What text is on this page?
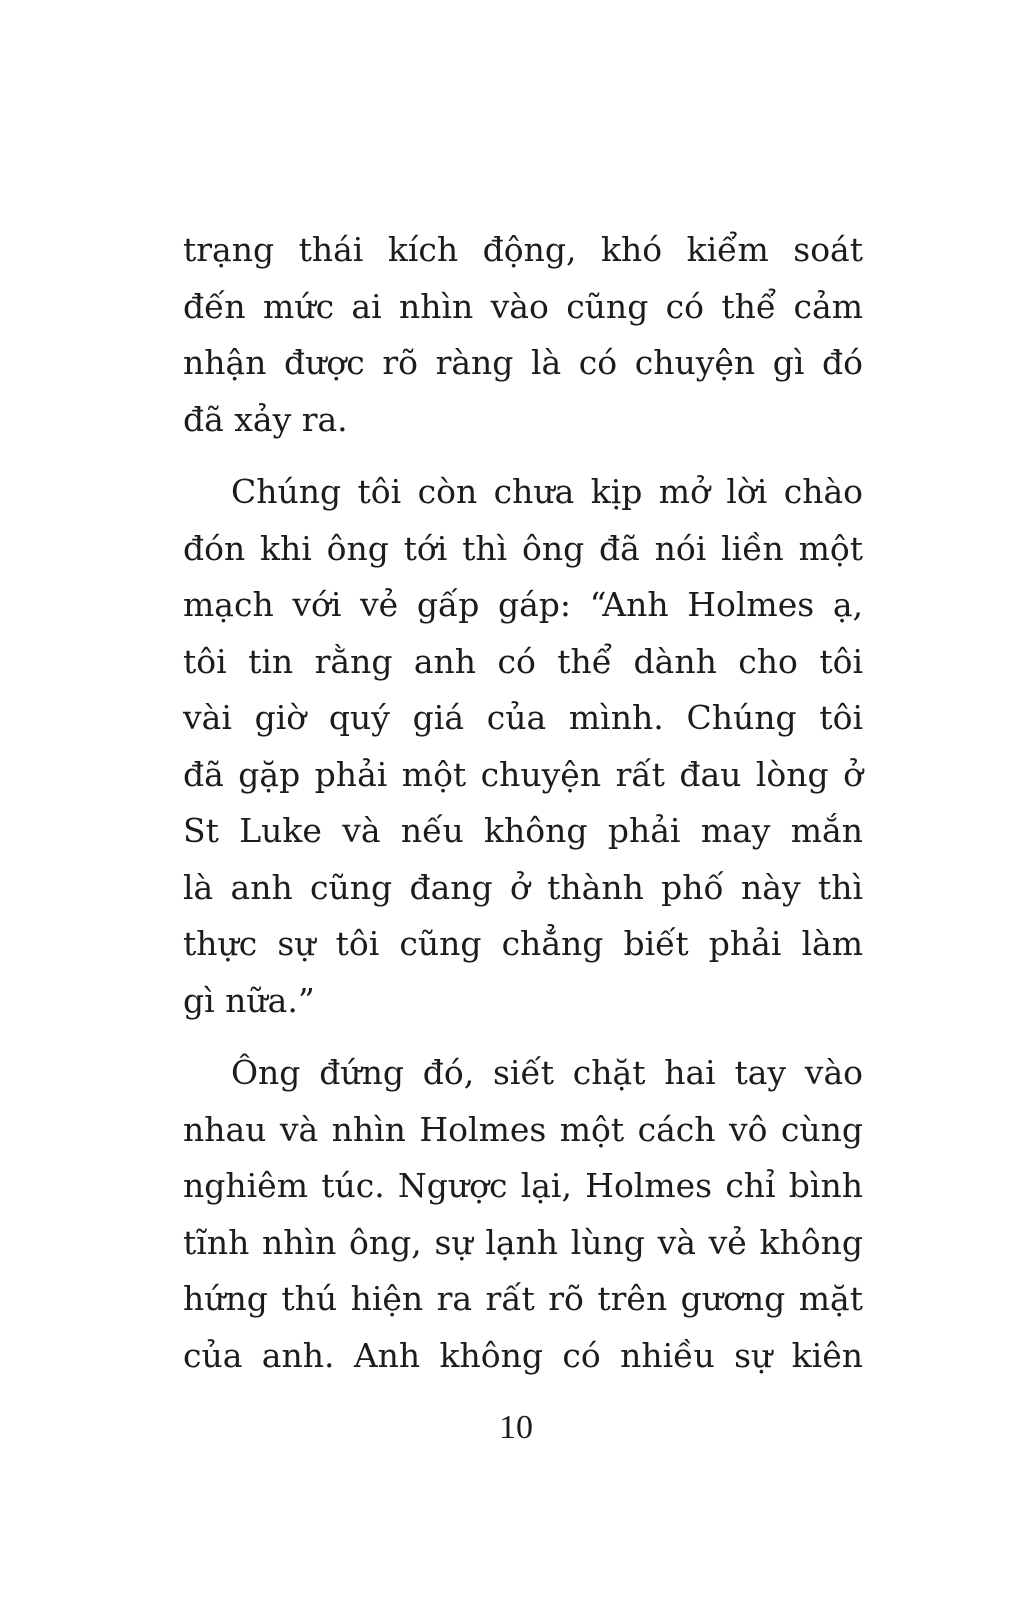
trạng thái kích động, khó kiểm soát
đến mức ai nhìn vào cũng có thể cảm
nhận được rõ ràng là có chuyện gì đó
đã xảy ra.
Chúng tôi còn chưa kịp mở lời chào
đón khi ông tới thì ông đã nói liền một
mạch với vẻ gấp gáp: “Anh Holmes ạ,
tôi tin rằng anh có thể dành cho tôi
vài giờ quý giá của mình. Chúng tôi
đã gặp phải một chuyện rất đau lòng ở
St Luke và nếu không phải may mắn
là anh cũng đang ở thành phố này thì
thực sự tôi cũng chẳng biết phải làm
gì nữa.”
Ông đứng đó, siết chặt hai tay vào
nhau và nhìn Holmes một cách vô cùng
nghiêm túc. Ngược lại, Holmes chỉ bình
tĩnh nhìn ông, sự lạnh lùng và vẻ không
hứng thú hiện ra rất rõ trên gương mặt
của anh. Anh không có nhiều sự kiên
10
